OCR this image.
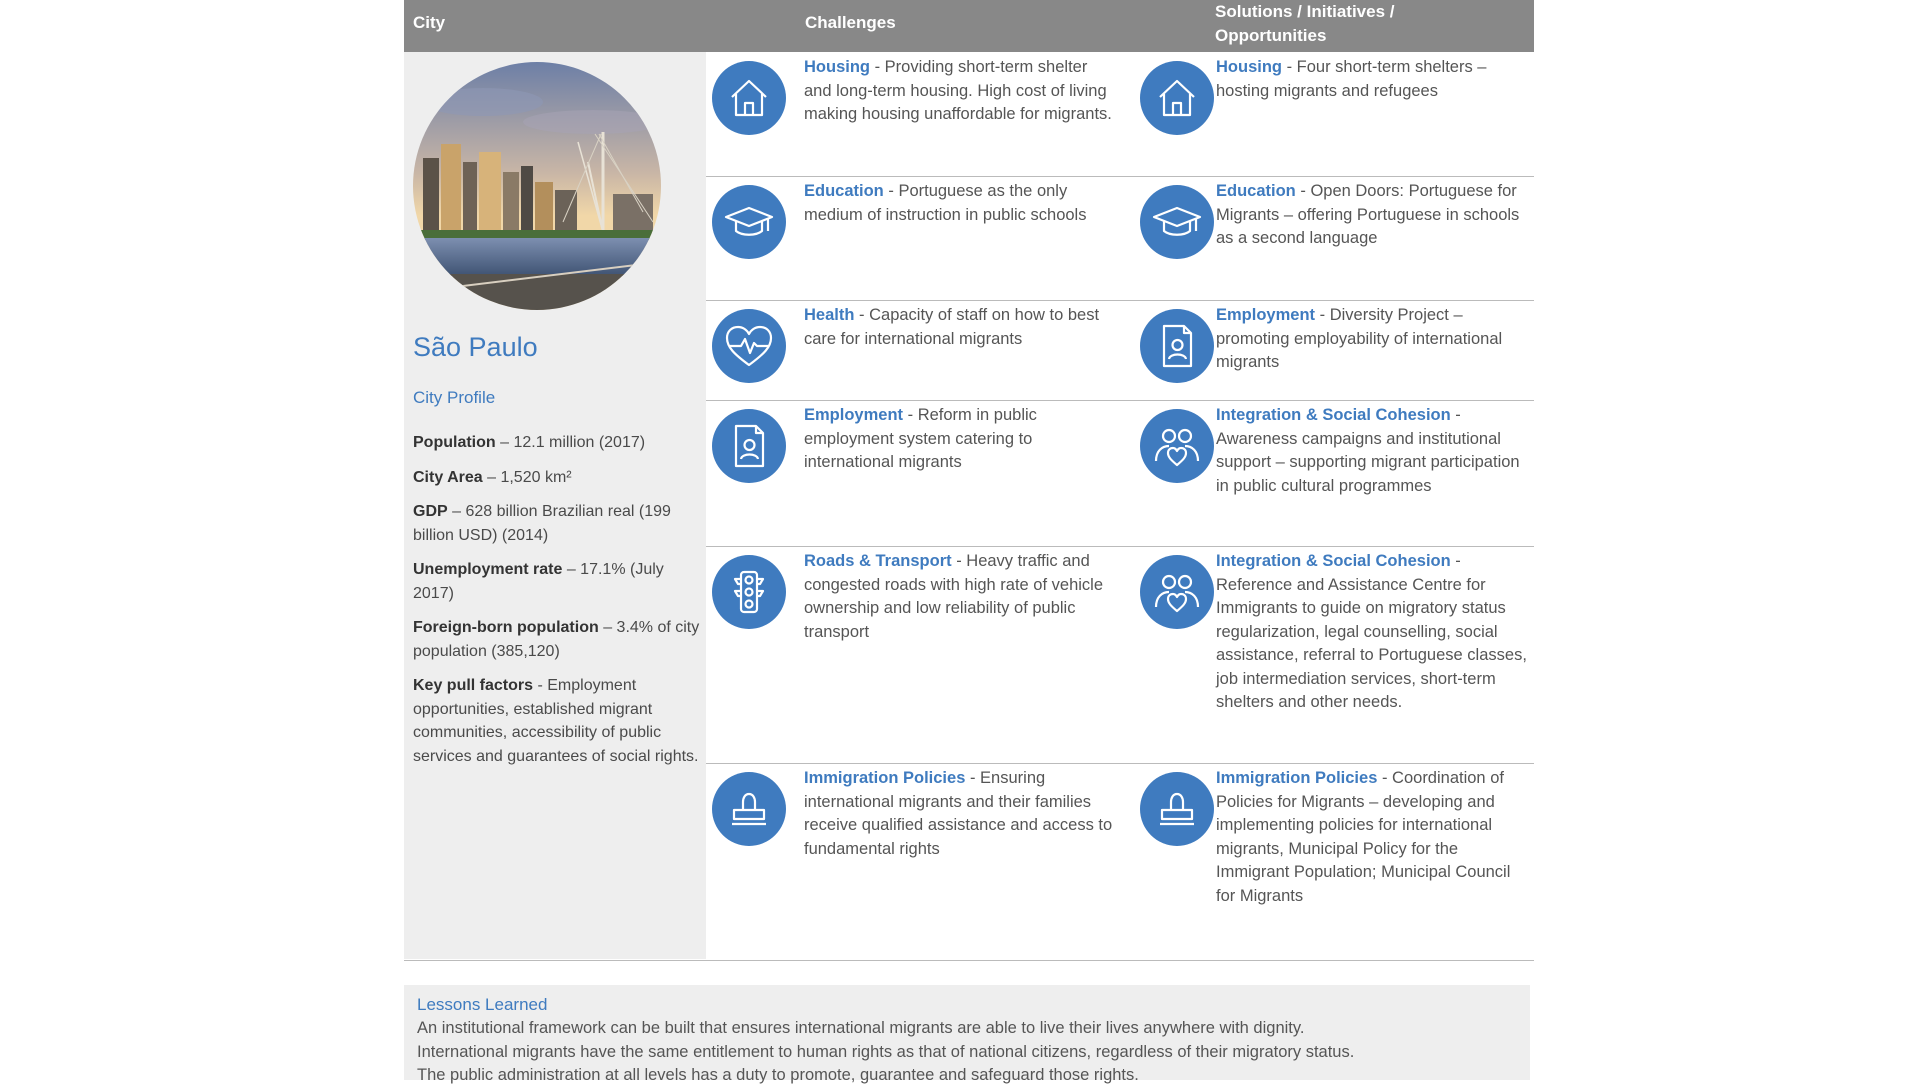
City	Challenges
Solutions / Initiatives / Opportunities
São Paulo
City Profile
Population – 12.1 million (2017)
City Area – 1,520 km²
GDP – 628 billion Brazilian real (199 billion USD) (2014)
Unemployment rate – 17.1% (July 2017)
Foreign-born population – 3.4% of city population (385,120)
Key pull factors - Employment opportunities, established migrant communities, accessibility of public services and guarantees of social rights.
Housing - Providing short-term shelter and long-term housing. High cost of living making housing unaffordable for migrants.
Housing - Four short-term shelters – hosting migrants and refugees
Education - Portuguese as the only medium of instruction in public schools
Education - Open Doors: Portuguese for Migrants – offering Portuguese in schools as a second language
Health - Capacity of staff on how to best care for international migrants
Employment - Diversity Project – promoting employability of international migrants
Employment - Reform in public employment system catering to international migrants
Integration & Social Cohesion - Awareness campaigns and institutional support – supporting migrant participation in public cultural programmes
Roads & Transport - Heavy traffic and congested roads with high rate of vehicle ownership and low reliability of public transport
Integration & Social Cohesion - Reference and Assistance Centre for Immigrants to guide on migratory status regularization, legal counselling, social assistance, referral to Portuguese classes, job intermediation services, short-term shelters and other needs.
Immigration Policies - Ensuring international migrants and their families receive qualified assistance and access to fundamental rights
Immigration Policies - Coordination of Policies for Migrants – developing and implementing policies for international migrants, Municipal Policy for the Immigrant Population; Municipal Council for Migrants
Lessons Learned
An institutional framework can be built that ensures international migrants are able to live their lives anywhere with dignity.
International migrants have the same entitlement to human rights as that of national citizens, regardless of their migratory status.
The public administration at all levels has a duty to promote, guarantee and safeguard those rights.
